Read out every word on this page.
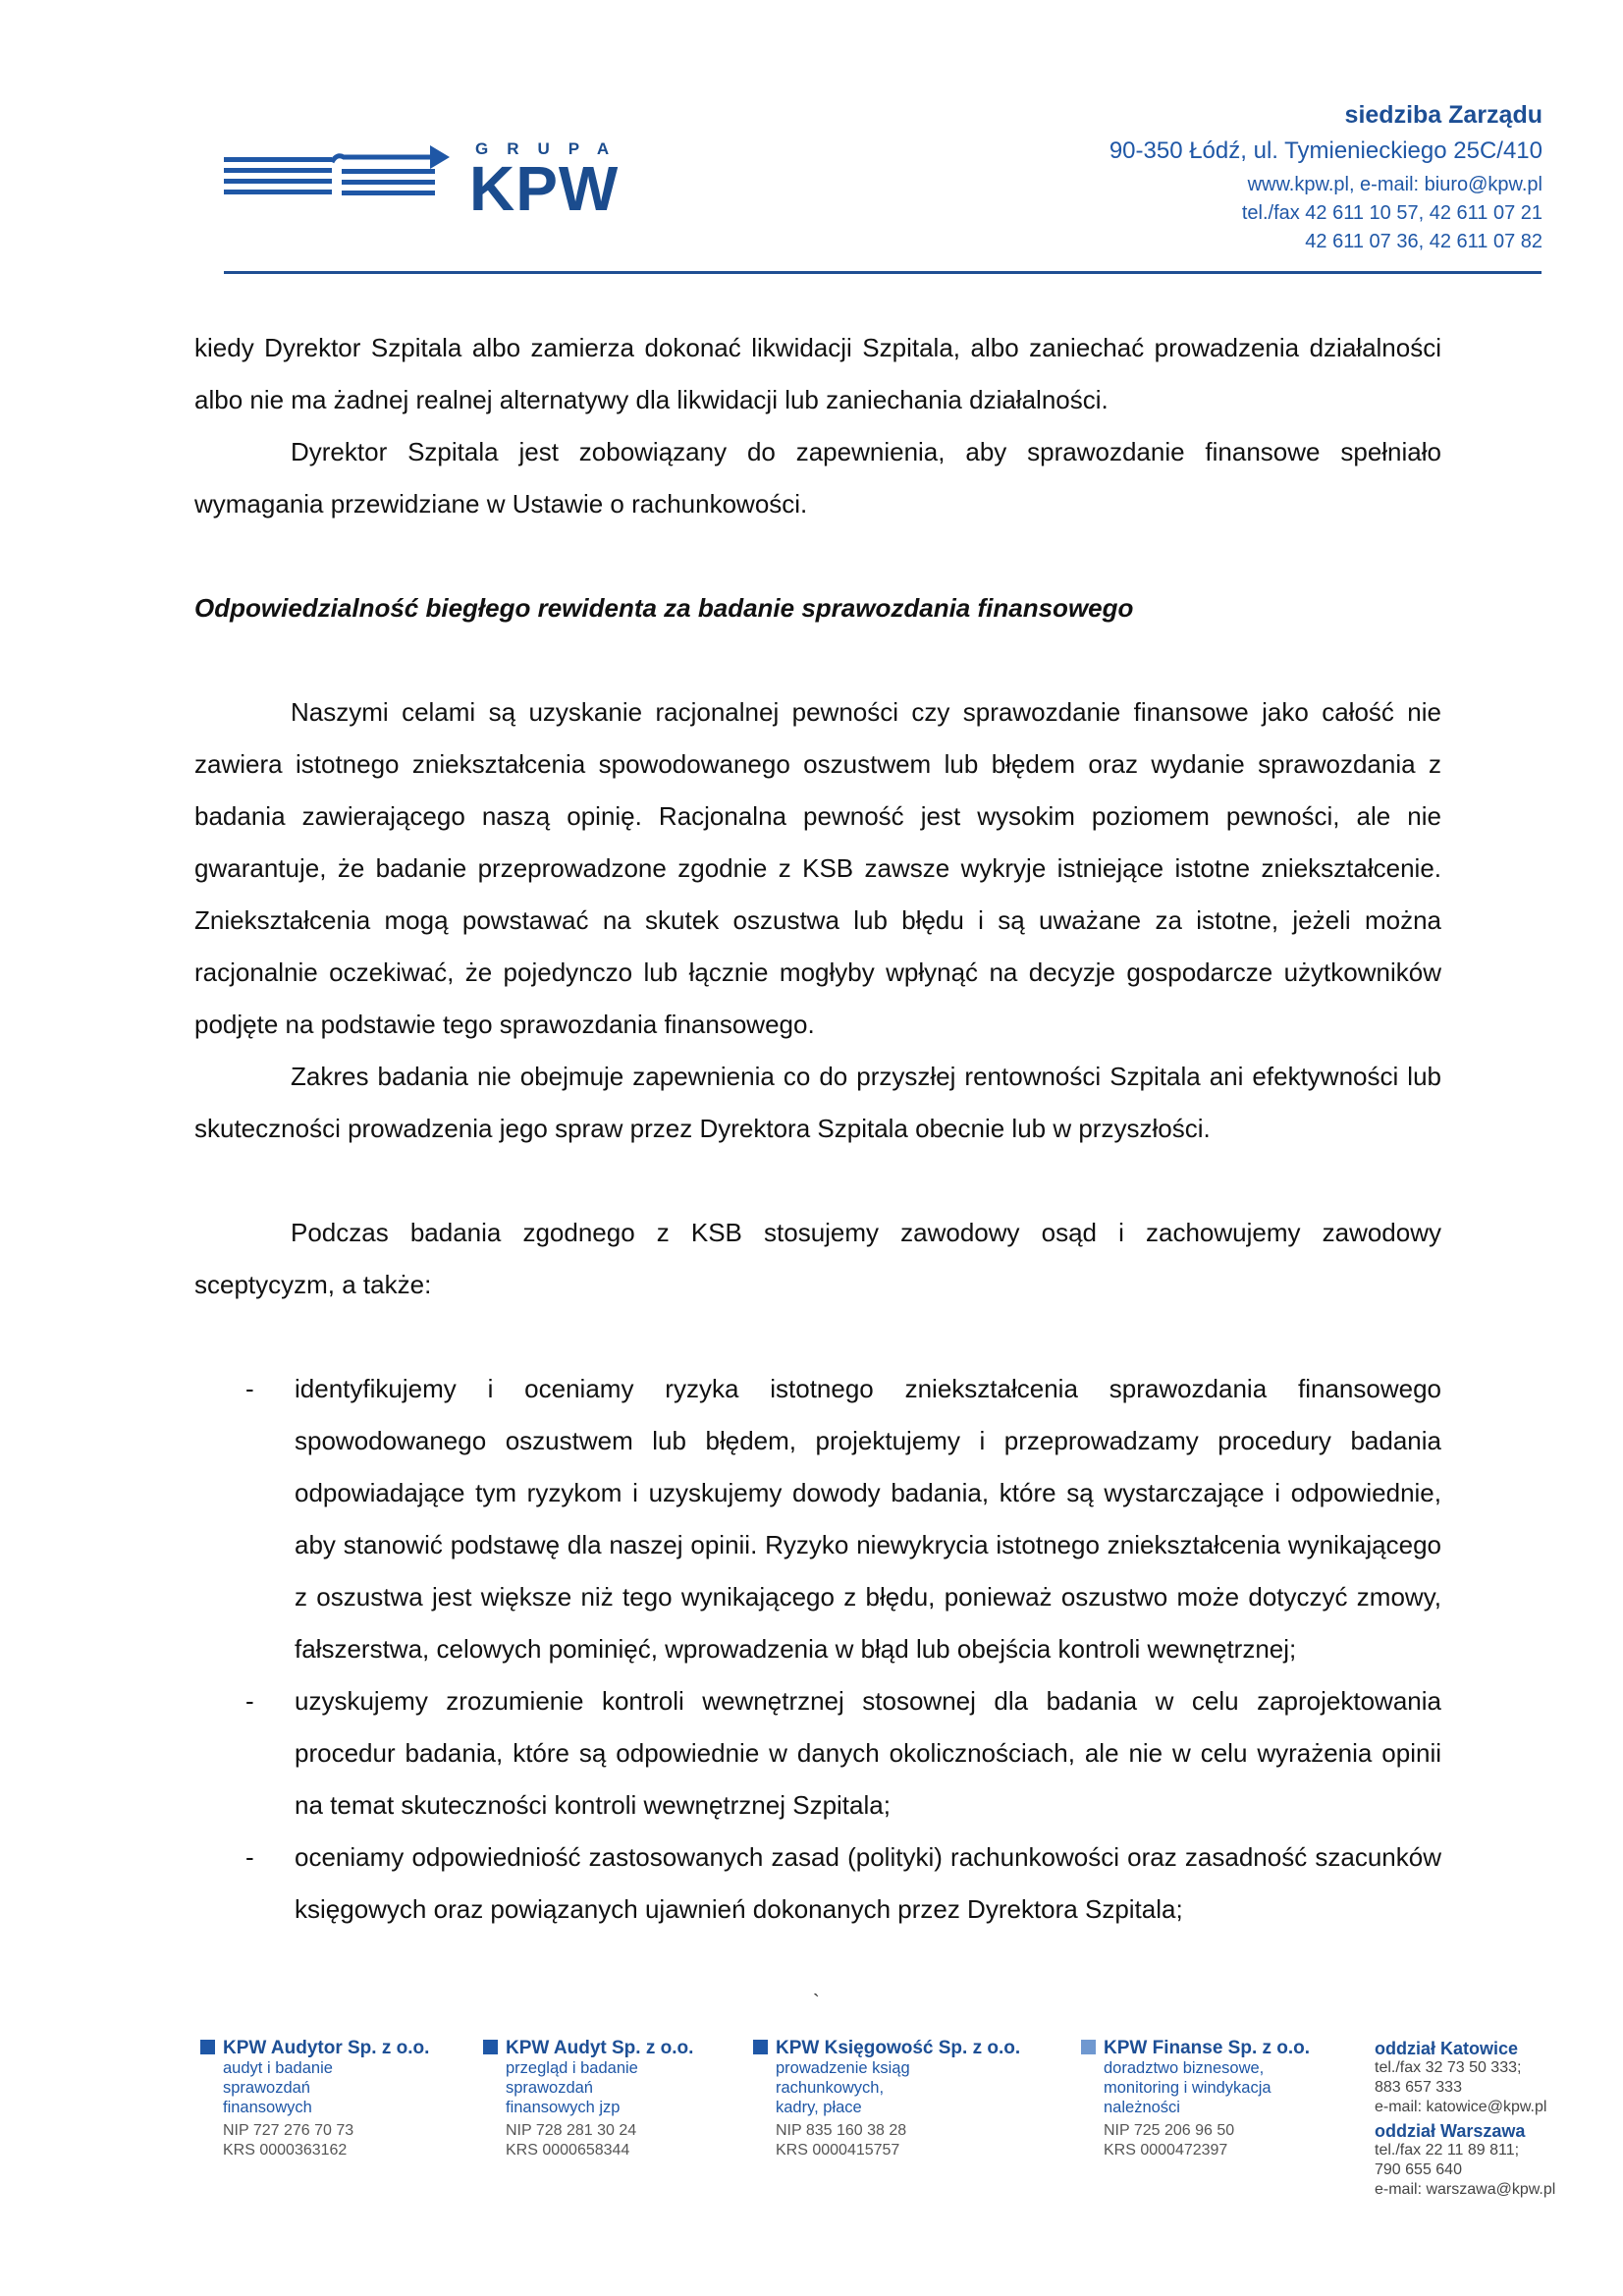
GRUPA
KPW
siedziba Zarządu
90-350 Łódź, ul. Tymienieckiego 25C/410
www.kpw.pl, e-mail: biuro@kpw.pl
tel./fax 42 611 10 57, 42 611 07 21
42 611 07 36, 42 611 07 82

kiedy Dyrektor Szpitala albo zamierza dokonać likwidacji Szpitala, albo zaniechać prowadzenia działalności albo nie ma żadnej realnej alternatywy dla likwidacji lub zaniechania działalności.

Dyrektor Szpitala jest zobowiązany do zapewnienia, aby sprawozdanie finansowe spełniało wymagania przewidziane w Ustawie o rachunkowości.

Odpowiedzialność biegłego rewidenta za badanie sprawozdania finansowego

Naszymi celami są uzyskanie racjonalnej pewności czy sprawozdanie finansowe jako całość nie zawiera istotnego zniekształcenia spowodowanego oszustwem lub błędem oraz wydanie sprawozdania z badania zawierającego naszą opinię. Racjonalna pewność jest wysokim poziomem pewności, ale nie gwarantuje, że badanie przeprowadzone zgodnie z KSB zawsze wykryje istniejące istotne zniekształcenie. Zniekształcenia mogą powstawać na skutek oszustwa lub błędu i są uważane za istotne, jeżeli można racjonalnie oczekiwać, że pojedynczo lub łącznie mogłyby wpłynąć na decyzje gospodarcze użytkowników podjęte na podstawie tego sprawozdania finansowego.

Zakres badania nie obejmuje zapewnienia co do przyszłej rentowności Szpitala ani efektywności lub skuteczności prowadzenia jego spraw przez Dyrektora Szpitala obecnie lub w przyszłości.

Podczas badania zgodnego z KSB stosujemy zawodowy osąd i zachowujemy zawodowy sceptycyzm, a także:

- identyfikujemy i oceniamy ryzyka istotnego zniekształcenia sprawozdania finansowego spowodowanego oszustwem lub błędem, projektujemy i przeprowadzamy procedury badania odpowiadające tym ryzykom i uzyskujemy dowody badania, które są wystarczające i odpowiednie, aby stanowić podstawę dla naszej opinii. Ryzyko niewykrycia istotnego zniekształcenia wynikającego z oszustwa jest większe niż tego wynikającego z błędu, ponieważ oszustwo może dotyczyć zmowy, fałszerstwa, celowych pominięć, wprowadzenia w błąd lub obejścia kontroli wewnętrznej;
- uzyskujemy zrozumienie kontroli wewnętrznej stosownej dla badania w celu zaprojektowania procedur badania, które są odpowiednie w danych okolicznościach, ale nie w celu wyrażenia opinii na temat skuteczności kontroli wewnętrznej Szpitala;
- oceniamy odpowiedniość zastosowanych zasad (polityki) rachunkowości oraz zasadność szacunków księgowych oraz powiązanych ujawnień dokonanych przez Dyrektora Szpitala;
`
KPW Audytor Sp. z o.o.
audyt i badanie
sprawozdań
finansowych
NIP 727 276 70 73
KRS 0000363162
KPW Audyt Sp. z o.o.
przegląd i badanie
sprawozdań
finansowych jzp
NIP 728 281 30 24
KRS 0000658344
KPW Księgowość Sp. z o.o.
prowadzenie ksiąg
rachunkowych,
kadry, płace
NIP 835 160 38 28
KRS 0000415757
KPW Finanse Sp. z o.o.
doradztwo biznesowe,
monitoring i windykacja
należności
NIP 725 206 96 50
KRS 0000472397
oddział Katowice
tel./fax 32 73 50 333;
883 657 333
e-mail: katowice@kpw.pl
oddział Warszawa
tel./fax 22 11 89 811;
790 655 640
e-mail: warszawa@kpw.pl
